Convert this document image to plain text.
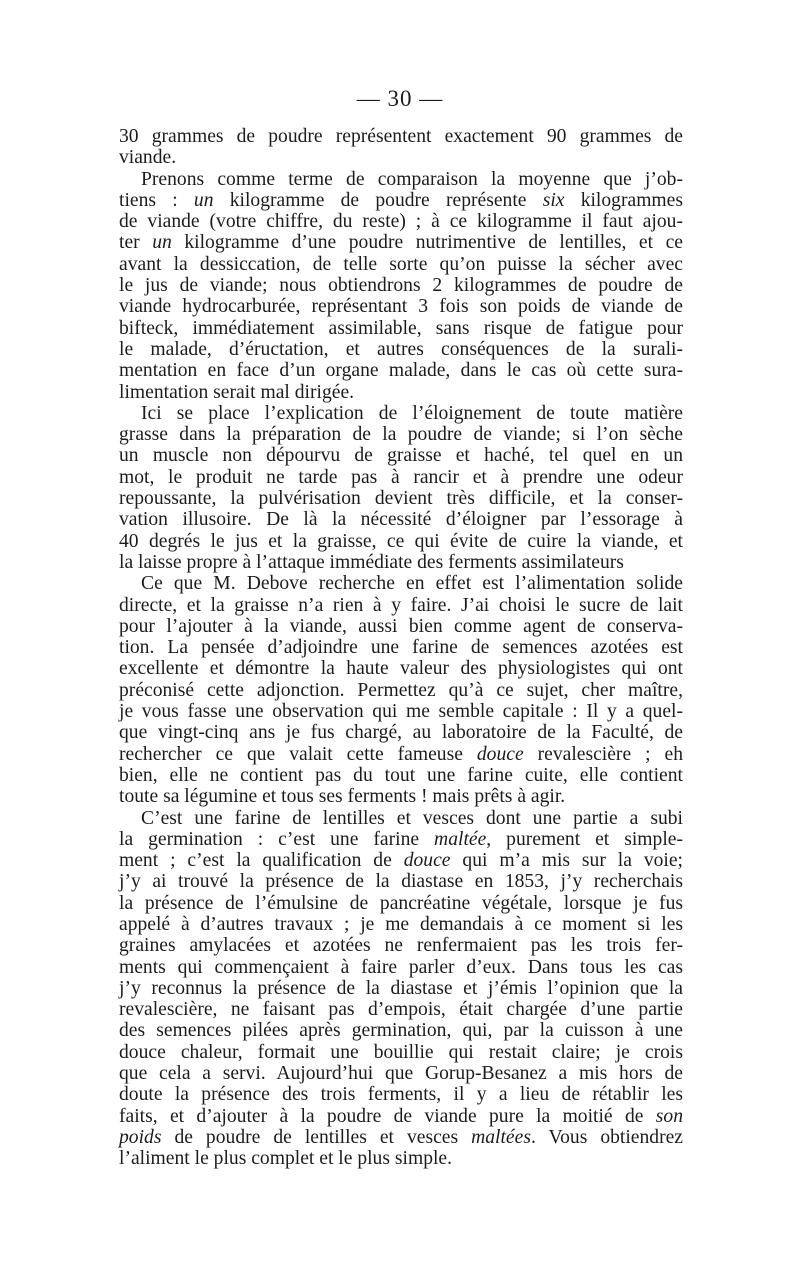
— 30 —
30 grammes de poudre représentent exactement 90 grammes de
viande.
Prenons comme terme de comparaison la moyenne que j’ob-
tiens : un kilogramme de poudre représente six kilogrammes
de viande (votre chiffre, du reste) ; à ce kilogramme il faut ajou-
ter un kilogramme d’une poudre nutrimentive de lentilles, et ce
avant la dessiccation, de telle sorte qu’on puisse la sécher avec
le jus de viande; nous obtiendrons 2 kilogrammes de poudre de
viande hydrocarburée, représentant 3 fois son poids de viande de
bifteck, immédiatement assimilable, sans risque de fatigue pour
le malade, d’éructation, et autres conséquences de la surali-
mentation en face d’un organe malade, dans le cas où cette sura-
limentation serait mal dirigée.
Ici se place l’explication de l’éloignement de toute matière
grasse dans la préparation de la poudre de viande; si l’on sèche
un muscle non dépourvu de graisse et haché, tel quel en un
mot, le produit ne tarde pas à rancir et à prendre une odeur
repoussante, la pulvérisation devient très difficile, et la conser-
vation illusoire. De là la nécessité d’éloigner par l’essorage à
40 degrés le jus et la graisse, ce qui évite de cuire la viande, et
la laisse propre à l’attaque immédiate des ferments assimilateurs
Ce que M. Debove recherche en effet est l’alimentation solide
directe, et la graisse n’a rien à y faire. J’ai choisi le sucre de lait
pour l’ajouter à la viande, aussi bien comme agent de conserva-
tion. La pensée d’adjoindre une farine de semences azotées est
excellente et démontre la haute valeur des physiologistes qui ont
préconisé cette adjonction. Permettez qu’à ce sujet, cher maître,
je vous fasse une observation qui me semble capitale : Il y a quel-
que vingt-cinq ans je fus chargé, au laboratoire de la Faculté, de
rechercher ce que valait cette fameuse douce revalescière ; eh
bien, elle ne contient pas du tout une farine cuite, elle contient
toute sa légumine et tous ses ferments ! mais prêts à agir.
C’est une farine de lentilles et vesces dont une partie a subi
la germination : c’est une farine maltée, purement et simple-
ment ; c’est la qualification de douce qui m’a mis sur la voie;
j’y ai trouvé la présence de la diastase en 1853, j’y recherchais
la présence de l’émulsine de pancréatine végétale, lorsque je fus
appelé à d’autres travaux ; je me demandais à ce moment si les
graines amylacées et azotées ne renfermaient pas les trois fer-
ments qui commençaient à faire parler d’eux. Dans tous les cas
j’y reconnus la présence de la diastase et j’émis l’opinion que la
revalescière, ne faisant pas d’empois, était chargée d’une partie
des semences pilées après germination, qui, par la cuisson à une
douce chaleur, formait une bouillie qui restait claire; je crois
que cela a servi. Aujourd’hui que Gorup-Besanez a mis hors de
doute la présence des trois ferments, il y a lieu de rétablir les
faits, et d’ajouter à la poudre de viande pure la moitié de son
poids de poudre de lentilles et vesces maltées. Vous obtiendrez
l’aliment le plus complet et le plus simple.
